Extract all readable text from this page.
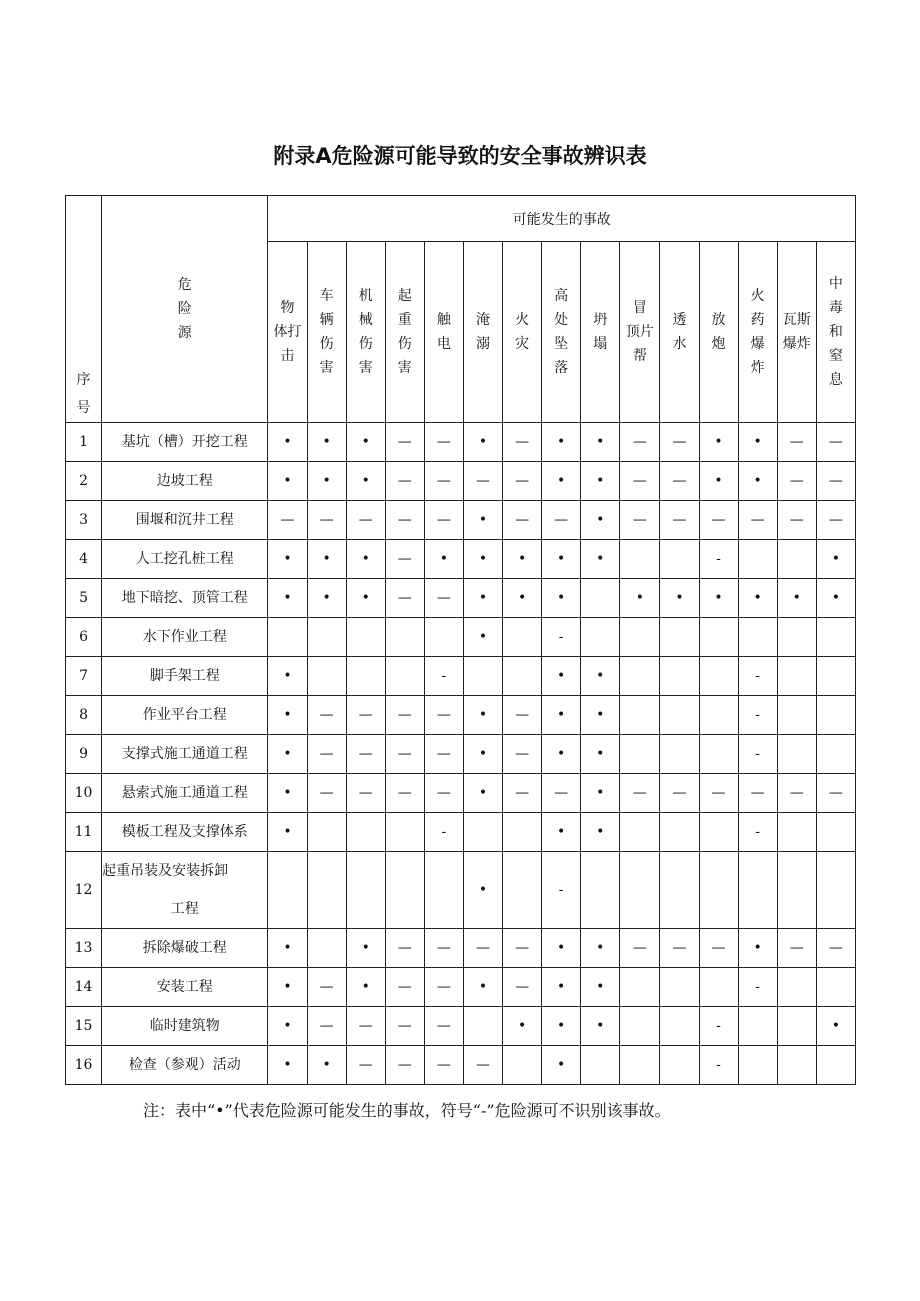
附录A危险源可能导致的安全事故辨识表
序
号	危
险
源	可能发生的事故														

		物
体打
击	车
辆
伤
害	机
械
伤
害	起
重
伤
害	触
电	淹
溺	火
灾	高
处
坠
落	坍
塌	冒
顶片
帮	透
水	放
炮	火
药
爆
炸	瓦斯
爆炸	中
毒
和
窒
息

1	基坑（槽）开挖工程	•	•	•	—	—	•	—	•	•	—	—	•	•	—	—
2	边坡工程	•	•	•	—	—	—	—	•	•	—	—	•	•	—	—
3	围堰和沉井工程	—	—	—	—	—	•	—	—	•	—	—	—	—	—	—
4	人工挖孔桩工程	•	•	•	—	•	•	•	•	•			-			•
5	地下暗挖、顶管工程	•	•	•	—	—	•	•	•		•	•	•	•	•	•
6	水下作业工程						•		-							
7	脚手架工程	•				-			•	•				-		
8	作业平台工程	•	—	—	—	—	•	—	•	•				-		
9	支撑式施工通道工程	•	—	—	—	—	•	—	•	•				-		
10	悬索式施工通道工程	•	—	—	—	—	•	—	—	•	—	—	—	—	—	—
11	模板工程及支撑体系	•				-			•	•				-		
12	起重吊装及安装拆卸
工程						•		-							
13	拆除爆破工程	•		•	—	—	—	—	•	•	—	—	—	•	—	—
14	安装工程	•	—	•	—	—	•	—	•	•				-		
15	临时建筑物	•	—	—	—	—		•	•	•			-			•
16	检查（参观）活动	•	•	—	—	—	—		•				-			
注：表中“•”代表危险源可能发生的事故，符号“-”危险源可不识别该事故。
